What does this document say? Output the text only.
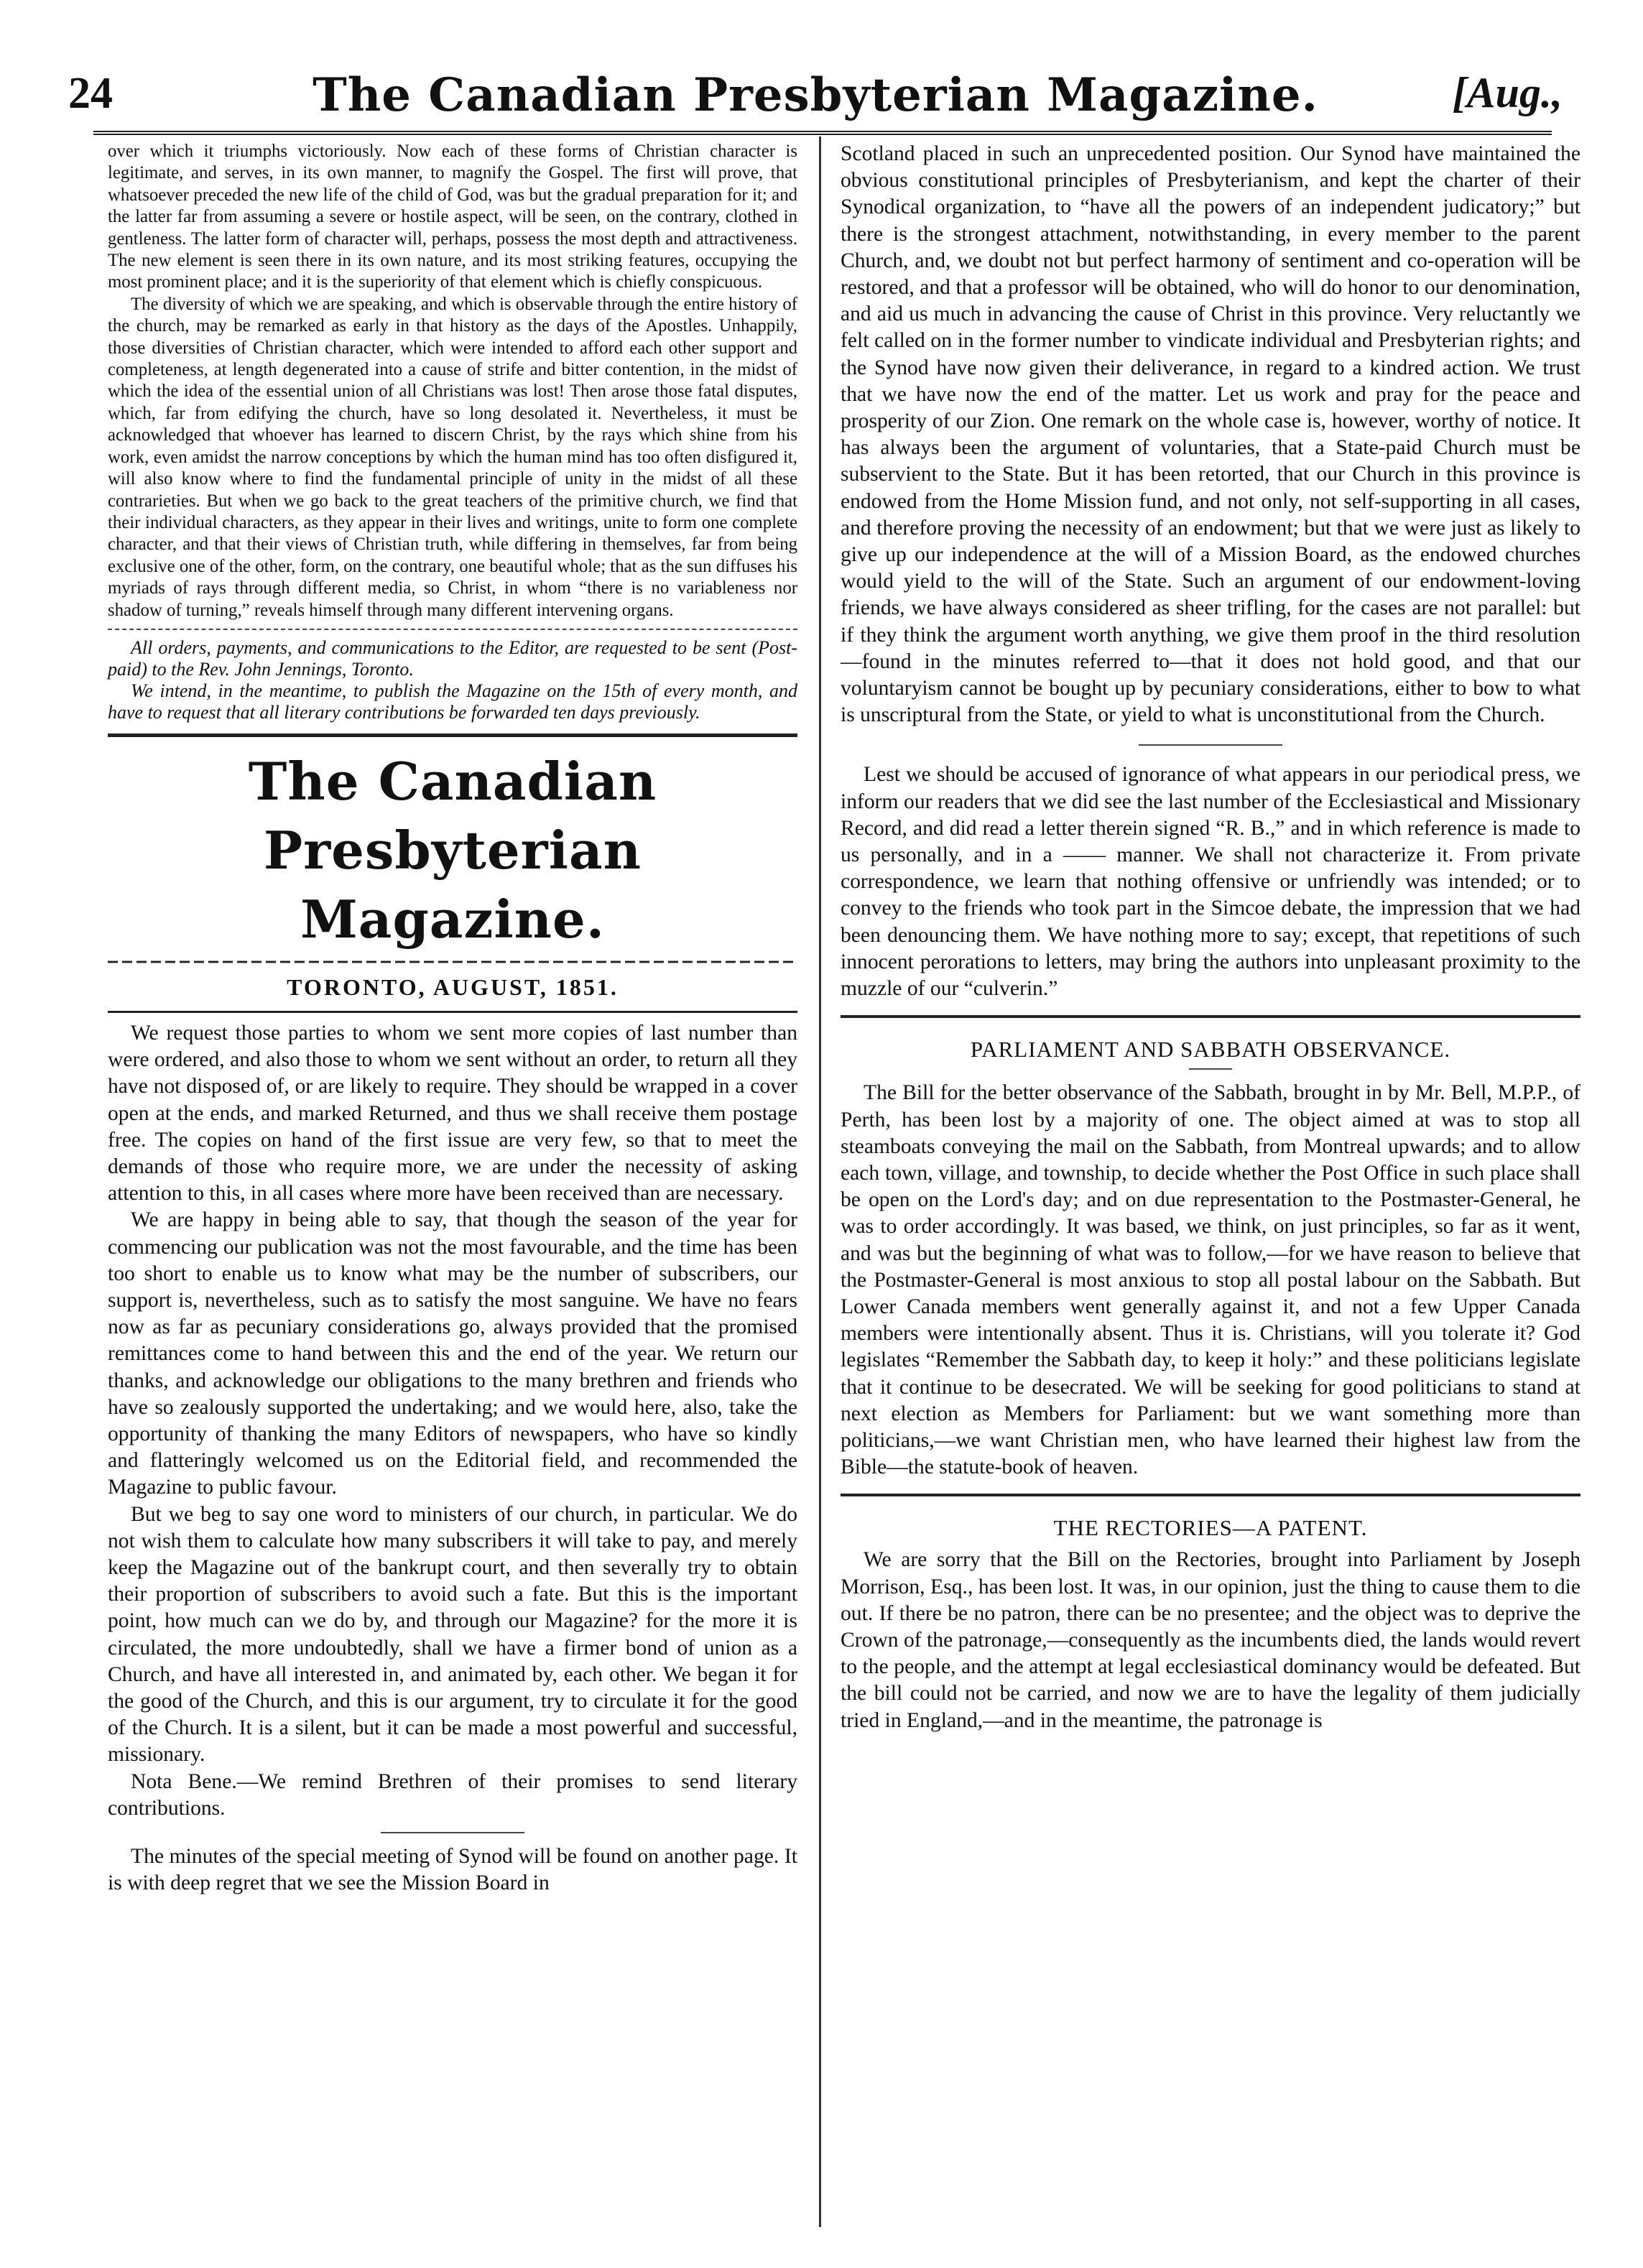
24	The Canadian Presbyterian Magazine.	[Aug.,

over which it triumphs victoriously. Now each of these forms of Christian character is legitimate, and serves, in its own manner, to magnify the Gospel. The first will prove, that whatsoever preceded the new life of the child of God, was but the gradual preparation for it; and the latter far from assuming a severe or hostile aspect, will be seen, on the contrary, clothed in gentleness. The latter form of character will, perhaps, possess the most depth and attractiveness. The new element is seen there in its own nature, and its most striking features, occupying the most prominent place; and it is the superiority of that element which is chiefly conspicuous.

The diversity of which we are speaking, and which is observable through the entire history of the church, may be remarked as early in that history as the days of the Apostles. Unhappily, those diversities of Christian character, which were intended to afford each other support and completeness, at length degenerated into a cause of strife and bitter contention, in the midst of which the idea of the essential union of all Christians was lost! Then arose those fatal disputes, which, far from edifying the church, have so long desolated it. Nevertheless, it must be acknowledged that whoever has learned to discern Christ, by the rays which shine from his work, even amidst the narrow conceptions by which the human mind has too often disfigured it, will also know where to find the fundamental principle of unity in the midst of all these contrarieties. But when we go back to the great teachers of the primitive church, we find that their individual characters, as they appear in their lives and writings, unite to form one complete character, and that their views of Christian truth, while differing in themselves, far from being exclusive one of the other, form, on the contrary, one beautiful whole; that as the sun diffuses his myriads of rays through different media, so Christ, in whom “there is no variableness nor shadow of turning,” reveals himself through many different intervening organs.

All orders, payments, and communications to the Editor, are requested to be sent (Post-paid) to the Rev. John Jennings, Toronto.

We intend, in the meantime, to publish the Magazine on the 15th of every month, and have to request that all literary contributions be forwarded ten days previously.

The Canadian Presbyterian Magazine.
TORONTO, AUGUST, 1851.

We request those parties to whom we sent more copies of last number than were ordered, and also those to whom we sent without an order, to return all they have not disposed of, or are likely to require. They should be wrapped in a cover open at the ends, and marked Returned, and thus we shall receive them postage free. The copies on hand of the first issue are very few, so that to meet the demands of those who require more, we are under the necessity of asking attention to this, in all cases where more have been received than are necessary.

We are happy in being able to say, that though the season of the year for commencing our publication was not the most favourable, and the time has been too short to enable us to know what may be the number of subscribers, our support is, nevertheless, such as to satisfy the most sanguine. We have no fears now as far as pecuniary considerations go, always provided that the promised remittances come to hand between this and the end of the year. We return our thanks, and acknowledge our obligations to the many brethren and friends who have so zealously supported the undertaking; and we would here, also, take the opportunity of thanking the many Editors of newspapers, who have so kindly and flatteringly welcomed us on the Editorial field, and recommended the Magazine to public favour.

But we beg to say one word to ministers of our church, in particular. We do not wish them to calculate how many subscribers it will take to pay, and merely keep the Magazine out of the bankrupt court, and then severally try to obtain their proportion of subscribers to avoid such a fate. But this is the important point, how much can we do by, and through our Magazine? for the more it is circulated, the more undoubtedly, shall we have a firmer bond of union as a Church, and have all interested in, and animated by, each other. We began it for the good of the Church, and this is our argument, try to circulate it for the good of the Church. It is a silent, but it can be made a most powerful and successful, missionary.

Nota Bene.—We remind Brethren of their promises to send literary contributions.

The minutes of the special meeting of Synod will be found on another page. It is with deep regret that we see the Mission Board in

Scotland placed in such an unprecedented position. Our Synod have maintained the obvious constitutional principles of Presbyterianism, and kept the charter of their Synodical organization, to “have all the powers of an independent judicatory;” but there is the strongest attachment, notwithstanding, in every member to the parent Church, and, we doubt not but perfect harmony of sentiment and co-operation will be restored, and that a professor will be obtained, who will do honor to our denomination, and aid us much in advancing the cause of Christ in this province. Very reluctantly we felt called on in the former number to vindicate individual and Presbyterian rights; and the Synod have now given their deliverance, in regard to a kindred action. We trust that we have now the end of the matter. Let us work and pray for the peace and prosperity of our Zion. One remark on the whole case is, however, worthy of notice. It has always been the argument of voluntaries, that a State-paid Church must be subservient to the State. But it has been retorted, that our Church in this province is endowed from the Home Mission fund, and not only, not self-supporting in all cases, and therefore proving the necessity of an endowment; but that we were just as likely to give up our independence at the will of a Mission Board, as the endowed churches would yield to the will of the State. Such an argument of our endowment-loving friends, we have always considered as sheer trifling, for the cases are not parallel: but if they think the argument worth anything, we give them proof in the third resolution—found in the minutes referred to—that it does not hold good, and that our voluntaryism cannot be bought up by pecuniary considerations, either to bow to what is unscriptural from the State, or yield to what is unconstitutional from the Church.

Lest we should be accused of ignorance of what appears in our periodical press, we inform our readers that we did see the last number of the Ecclesiastical and Missionary Record, and did read a letter therein signed “R. B.,” and in which reference is made to us personally, and in a —— manner. We shall not characterize it. From private correspondence, we learn that nothing offensive or unfriendly was intended; or to convey to the friends who took part in the Simcoe debate, the impression that we had been denouncing them. We have nothing more to say; except, that repetitions of such innocent perorations to letters, may bring the authors into unpleasant proximity to the muzzle of our “culverin.”

PARLIAMENT AND SABBATH OBSERVANCE.

The Bill for the better observance of the Sabbath, brought in by Mr. Bell, M.P.P., of Perth, has been lost by a majority of one. The object aimed at was to stop all steamboats conveying the mail on the Sabbath, from Montreal upwards; and to allow each town, village, and township, to decide whether the Post Office in such place shall be open on the Lord's day; and on due representation to the Postmaster-General, he was to order accordingly. It was based, we think, on just principles, so far as it went, and was but the beginning of what was to follow,—for we have reason to believe that the Postmaster-General is most anxious to stop all postal labour on the Sabbath. But Lower Canada members went generally against it, and not a few Upper Canada members were intentionally absent. Thus it is. Christians, will you tolerate it? God legislates “Remember the Sabbath day, to keep it holy:” and these politicians legislate that it continue to be desecrated. We will be seeking for good politicians to stand at next election as Members for Parliament: but we want something more than politicians,—we want Christian men, who have learned their highest law from the Bible—the statute-book of heaven.

THE RECTORIES—A PATENT.

We are sorry that the Bill on the Rectories, brought into Parliament by Joseph Morrison, Esq., has been lost. It was, in our opinion, just the thing to cause them to die out. If there be no patron, there can be no presentee; and the object was to deprive the Crown of the patronage,—consequently as the incumbents died, the lands would revert to the people, and the attempt at legal ecclesiastical dominancy would be defeated. But the bill could not be carried, and now we are to have the legality of them judicially tried in England,—and in the meantime, the patronage is
